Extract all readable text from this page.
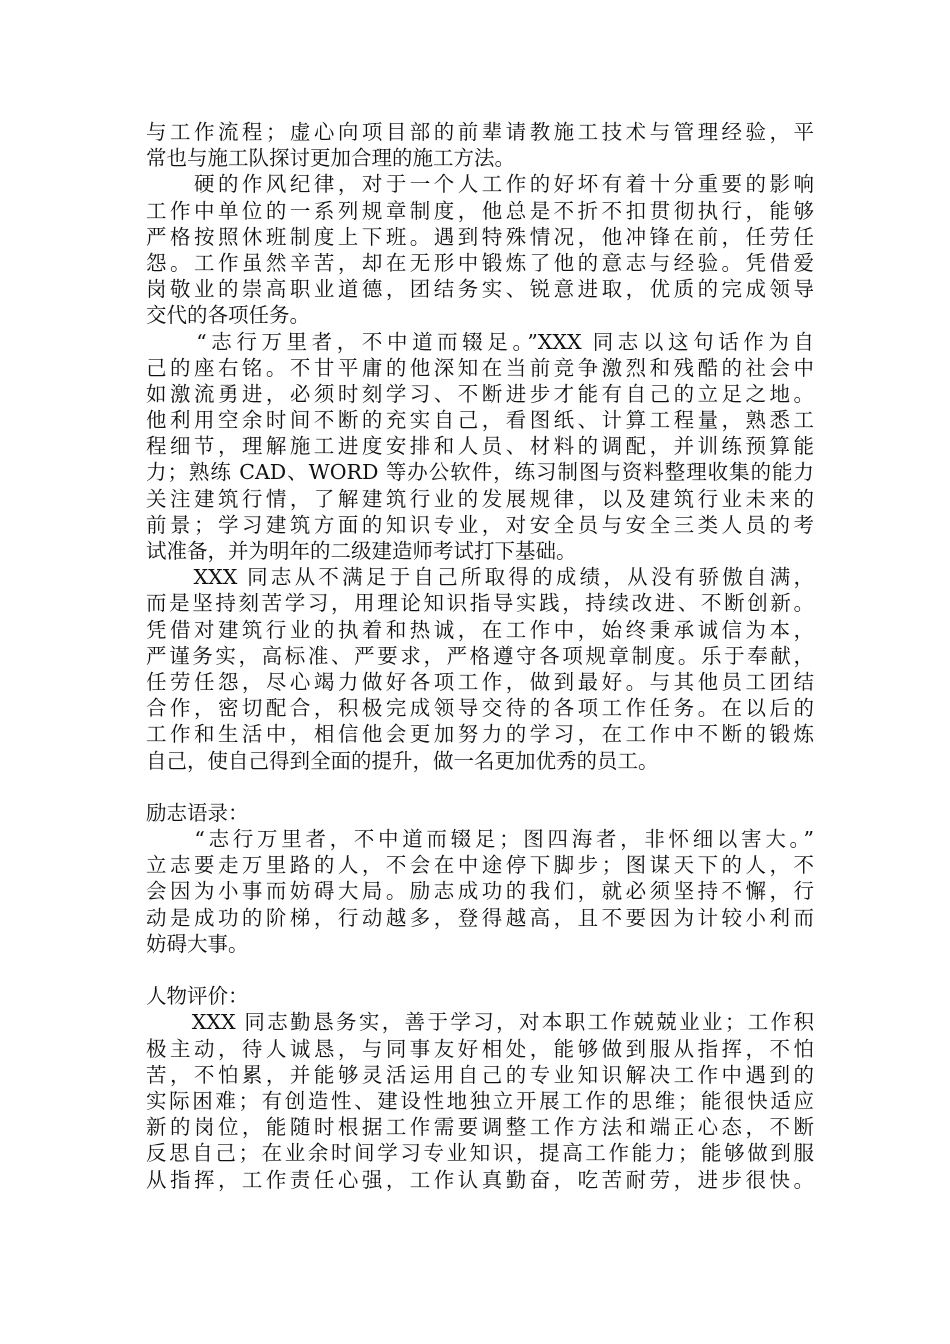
与工作流程；虚心向项目部的前辈请教施工技术与管理经验，平
常也与施工队探讨更加合理的施工方法。
　　硬的作风纪律，对于一个人工作的好坏有着十分重要的影响
工作中单位的一系列规章制度，他总是不折不扣贯彻执行，能够
严格按照休班制度上下班。遇到特殊情况，他冲锋在前，任劳任
怨。工作虽然辛苦，却在无形中锻炼了他的意志与经验。凭借爱
岗敬业的崇高职业道德，团结务实、锐意进取，优质的完成领导
交代的各项任务。
　　“志行万里者，不中道而辍足。”XXX 同志以这句话作为自
己的座右铭。不甘平庸的他深知在当前竞争激烈和残酷的社会中
如激流勇进，必须时刻学习、不断进步才能有自己的立足之地。
他利用空余时间不断的充实自己，看图纸、计算工程量，熟悉工
程细节，理解施工进度安排和人员、材料的调配，并训练预算能
力；熟练 CAD、WORD 等办公软件，练习制图与资料整理收集的能力
关注建筑行情，了解建筑行业的发展规律，以及建筑行业未来的
前景；学习建筑方面的知识专业，对安全员与安全三类人员的考
试准备，并为明年的二级建造师考试打下基础。
　　XXX 同志从不满足于自己所取得的成绩，从没有骄傲自满，
而是坚持刻苦学习，用理论知识指导实践，持续改进、不断创新。
凭借对建筑行业的执着和热诚，在工作中，始终秉承诚信为本，
严谨务实，高标准、严要求，严格遵守各项规章制度。乐于奉献，
任劳任怨，尽心竭力做好各项工作，做到最好。与其他员工团结
合作，密切配合，积极完成领导交待的各项工作任务。在以后的
工作和生活中，相信他会更加努力的学习，在工作中不断的锻炼
自己，使自己得到全面的提升，做一名更加优秀的员工。
励志语录：
　　“志行万里者，不中道而辍足；图四海者，非怀细以害大。”
立志要走万里路的人，不会在中途停下脚步；图谋天下的人，不
会因为小事而妨碍大局。励志成功的我们，就必须坚持不懈，行
动是成功的阶梯，行动越多，登得越高，且不要因为计较小利而
妨碍大事。
人物评价：
　　XXX 同志勤恳务实，善于学习，对本职工作兢兢业业；工作积
极主动，待人诚恳，与同事友好相处，能够做到服从指挥，不怕
苦，不怕累，并能够灵活运用自己的专业知识解决工作中遇到的
实际困难；有创造性、建设性地独立开展工作的思维；能很快适应
新的岗位，能随时根据工作需要调整工作方法和端正心态，不断
反思自己；在业余时间学习专业知识，提高工作能力；能够做到服
从指挥，工作责任心强，工作认真勤奋，吃苦耐劳，进步很快。
